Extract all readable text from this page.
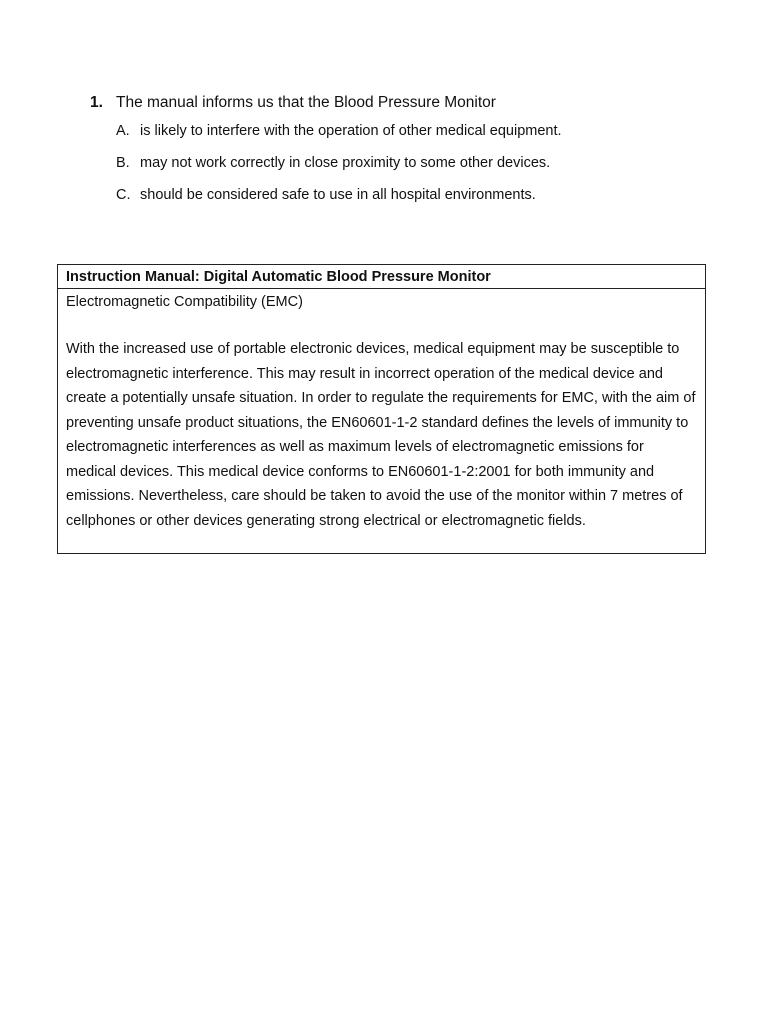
1. The manual informs us that the Blood Pressure Monitor
A. is likely to interfere with the operation of other medical equipment.
B. may not work correctly in close proximity to some other devices.
C. should be considered safe to use in all hospital environments.
Instruction Manual: Digital Automatic Blood Pressure Monitor
Electromagnetic Compatibility (EMC)
With the increased use of portable electronic devices, medical equipment may be susceptible to electromagnetic interference. This may result in incorrect operation of the medical device and create a potentially unsafe situation. In order to regulate the requirements for EMC, with the aim of preventing unsafe product situations, the EN60601-1-2 standard defines the levels of immunity to electromagnetic interferences as well as maximum levels of electromagnetic emissions for medical devices. This medical device conforms to EN60601-1-2:2001 for both immunity and emissions. Nevertheless, care should be taken to avoid the use of the monitor within 7 metres of cellphones or other devices generating strong electrical or electromagnetic fields.
